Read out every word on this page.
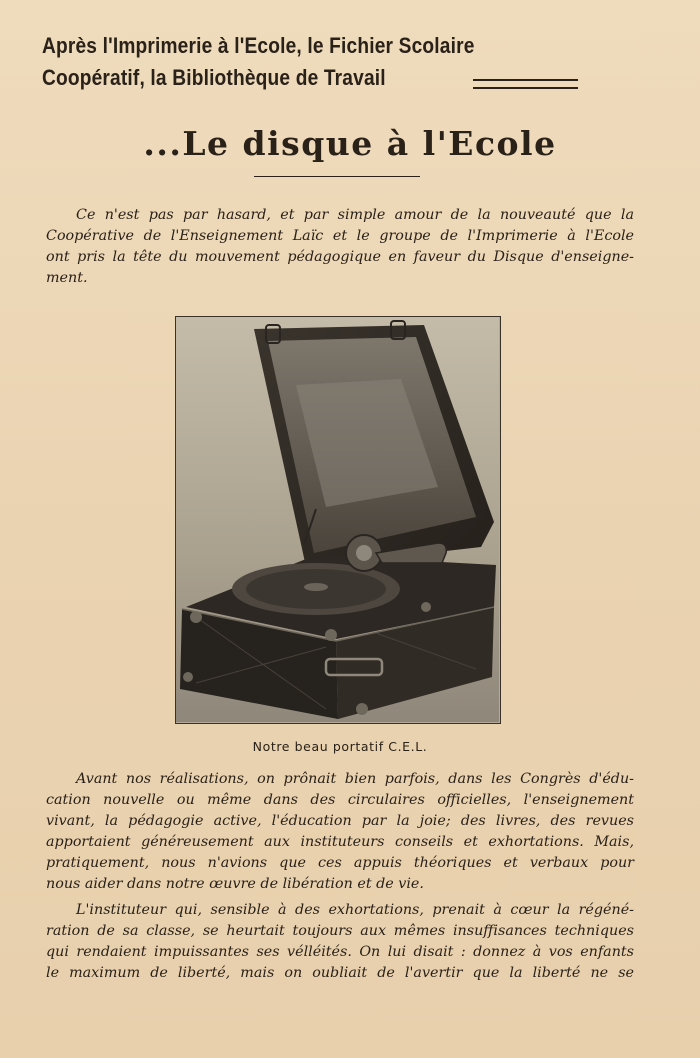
Après l'Imprimerie à l'Ecole, le Fichier Scolaire
Coopératif, la Bibliothèque de Travail
...Le disque à l'Ecole
Ce n'est pas par hasard, et par simple amour de la nouveauté que la
Coopérative de l'Enseignement Laïc et le groupe de l'Imprimerie à l'Ecole
ont pris la tête du mouvement pédagogique en faveur du Disque d'enseigne-
ment.
Notre beau portatif C.E.L.
Avant nos réalisations, on prônait bien parfois, dans les Congrès d'édu-
cation nouvelle ou même dans des circulaires officielles, l'enseignement
vivant, la pédagogie active, l'éducation par la joie; des livres, des revues
apportaient généreusement aux instituteurs conseils et exhortations. Mais,
pratiquement, nous n'avions que ces appuis théoriques et verbaux pour
nous aider dans notre œuvre de libération et de vie.
L'instituteur qui, sensible à des exhortations, prenait à cœur la régéné-
ration de sa classe, se heurtait toujours aux mêmes insuffisances techniques
qui rendaient impuissantes ses vélléités. On lui disait : donnez à vos enfants
le maximum de liberté, mais on oubliait de l'avertir que la liberté ne se
